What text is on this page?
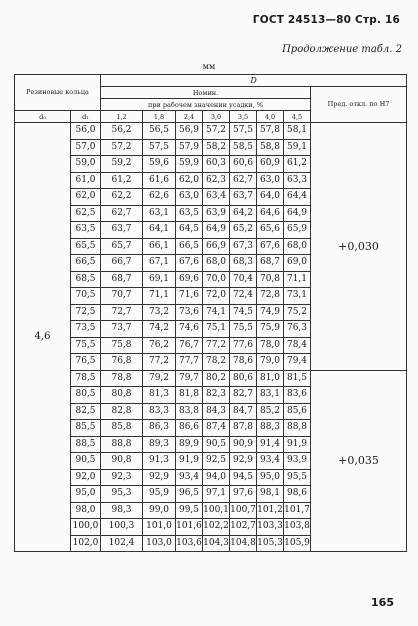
ГОСТ 24513—80 Стр. 16
Продолжение табл. 2
мм
Резиновые кольца		D							
		Номин.							Пред. откл. по Н7
		при рабочем значении усадки, %							
d₀	d₁	1,2	1,8	2,4	3,0	3,5	4,0	4,5	
4,6	56,0	56,2	56,5	56,9	57,2	57,5	57,8	58,1	+0,030
	57,0	57,2	57,5	57,9	58,2	58,5	58,8	59,1	
	59,0	59,2	59,6	59,9	60,3	60,6	60,9	61,2	
	61,0	61,2	61,6	62,0	62,3	62,7	63,0	63,3	
	62,0	62,2	62,6	63,0	63,4	63,7	64,0	64,4	
	62,5	62,7	63,1	63,5	63,9	64,2	64,6	64,9	
	63,5	63,7	64,1	64,5	64,9	65,2	65,6	65,9	
	65,5	65,7	66,1	66,5	66,9	67,3	67,6	68,0	
	66,5	66,7	67,1	67,6	68,0	68,3	68,7	69,0	
	68,5	68,7	69,1	69,6	70,0	70,4	70,8	71,1	
	70,5	70,7	71,1	71,6	72,0	72,4	72,8	73,1	
	72,5	72,7	73,2	73,6	74,1	74,5	74,9	75,2	
	73,5	73,7	74,2	74,6	75,1	75,5	75,9	76,3	
	75,5	75,8	76,2	76,7	77,2	77,6	78,0	78,4	
	76,5	76,8	77,2	77,7	78,2	78,6	79,0	79,4	
	78,5	78,8	79,2	79,7	80,2	80,6	81,0	81,5	+0,035
	80,5	80,8	81,3	81,8	82,3	82,7	83,1	83,6	
	82,5	82,8	83,3	83,8	84,3	84,7	85,2	85,6	
	85,5	85,8	86,3	86,6	87,4	87,8	88,3	88,8	
	88,5	88,8	89,3	89,9	90,5	90,9	91,4	91,9	
	90,5	90,8	91,3	91,9	92,5	92,9	93,4	93,9	
	92,0	92,3	92,9	93,4	94,0	94,5	95,0	95,5	
	95,0	95,3	95,9	96,5	97,1	97,6	98,1	98,6	
	98,0	98,3	99,0	99,5	100,1	100,7	101,2	101,7	
	100,0	100,3	101,0	101,6	102,2	102,7	103,3	103,8	
	102,0	102,4	103,0	103,6	104,3	104,8	105,3	105,9	
165
